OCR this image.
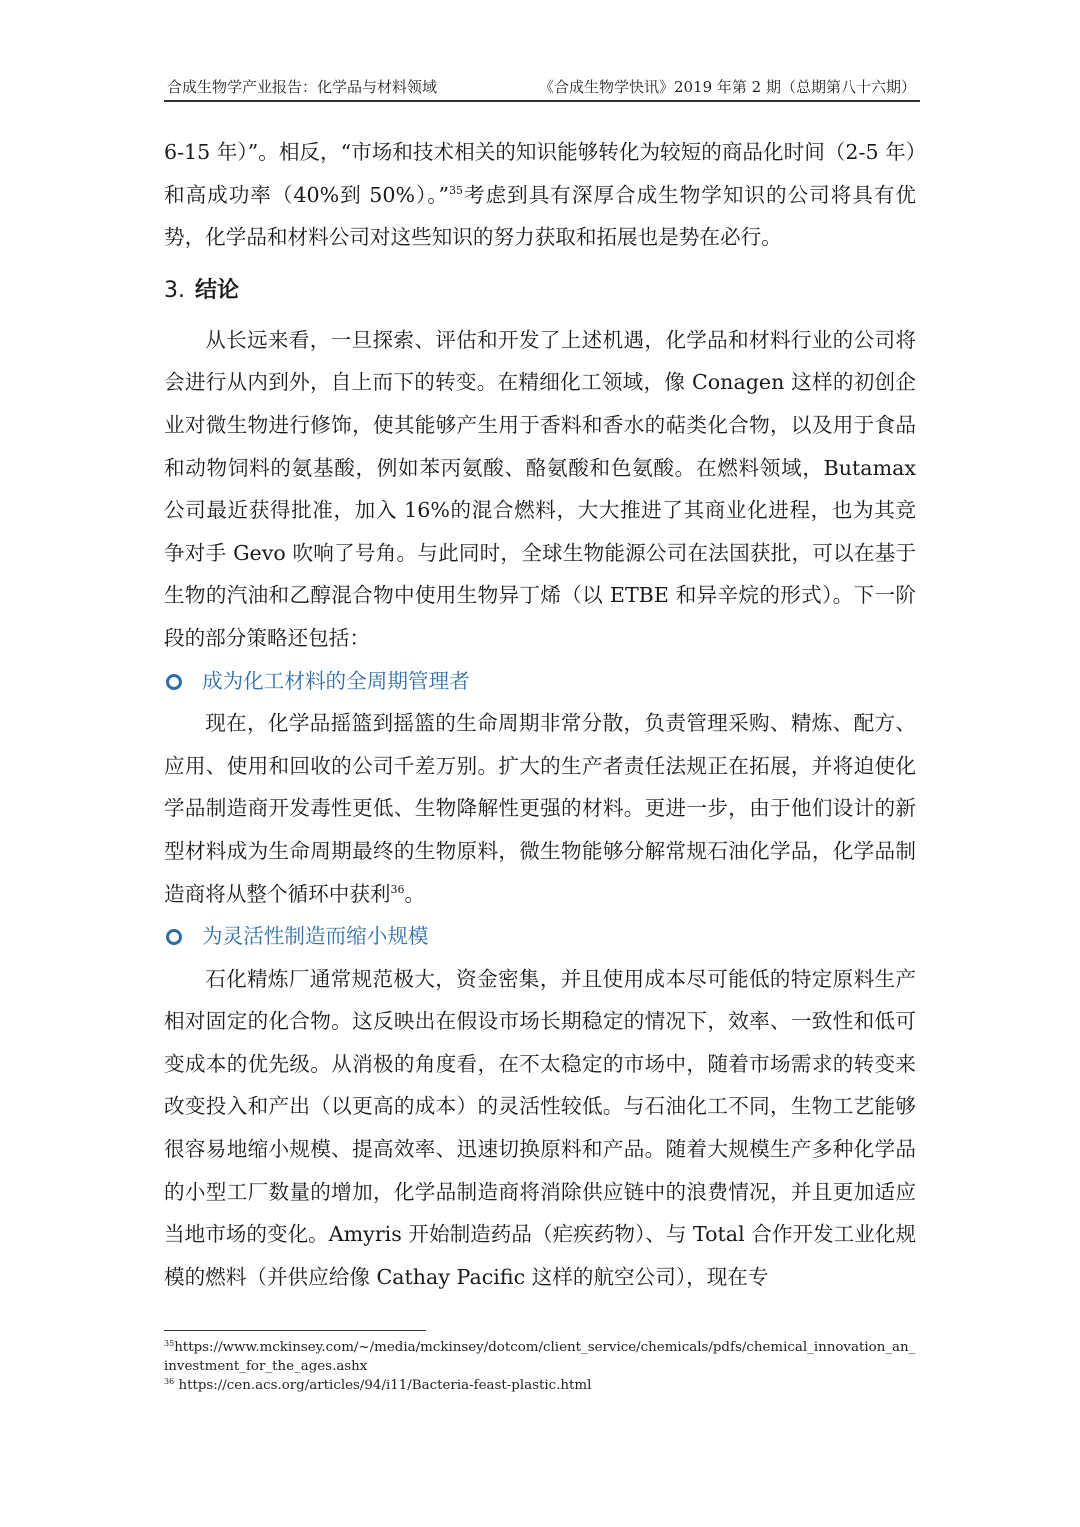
合成生物学产业报告：化学品与材料领域	《合成生物学快讯》2019 年第 2 期（总期第八十六期）

6-15 年）”。相反，“市场和技术相关的知识能够转化为较短的商品化时间（2-5 年）和高成功率（40%到 50%）。”$^{35}$考虑到具有深厚合成生物学知识的公司将具有优势，化学品和材料公司对这些知识的努力获取和拓展也是势在必行。

3. 结论

从长远来看，一旦探索、评估和开发了上述机遇，化学品和材料行业的公司将会进行从内到外，自上而下的转变。在精细化工领域，像 Conagen 这样的初创企业对微生物进行修饰，使其能够产生用于香料和香水的萜类化合物，以及用于食品和动物饲料的氨基酸，例如苯丙氨酸、酪氨酸和色氨酸。在燃料领域，Butamax 公司最近获得批准，加入 16%的混合燃料，大大推进了其商业化进程，也为其竞争对手 Gevo 吹响了号角。与此同时，全球生物能源公司在法国获批，可以在基于生物的汽油和乙醇混合物中使用生物异丁烯（以 ETBE 和异辛烷的形式）。下一阶段的部分策略还包括：

成为化工材料的全周期管理者

现在，化学品摇篮到摇篮的生命周期非常分散，负责管理采购、精炼、配方、应用、使用和回收的公司千差万别。扩大的生产者责任法规正在拓展，并将迫使化学品制造商开发毒性更低、生物降解性更强的材料。更进一步，由于他们设计的新型材料成为生命周期最终的生物原料，微生物能够分解常规石油化学品，化学品制造商将从整个循环中获利$^{36}$。

为灵活性制造而缩小规模

石化精炼厂通常规范极大，资金密集，并且使用成本尽可能低的特定原料生产相对固定的化合物。这反映出在假设市场长期稳定的情况下，效率、一致性和低可变成本的优先级。从消极的角度看，在不太稳定的市场中，随着市场需求的转变来改变投入和产出（以更高的成本）的灵活性较低。与石油化工不同，生物工艺能够很容易地缩小规模、提高效率、迅速切换原料和产品。随着大规模生产多种化学品的小型工厂数量的增加，化学品制造商将消除供应链中的浪费情况，并且更加适应当地市场的变化。Amyris 开始制造药品（疟疾药物）、与 Total 合作开发工业化规模的燃料（并供应给像 Cathay Pacific 这样的航空公司），现在专

$^{35}$https://www.mckinsey.com/~/media/mckinsey/dotcom/client_service/chemicals/pdfs/chemical_innovation_an_investment_for_the_ages.ashx

$^{36}$ https://cen.acs.org/articles/94/i11/Bacteria-feast-plastic.html
